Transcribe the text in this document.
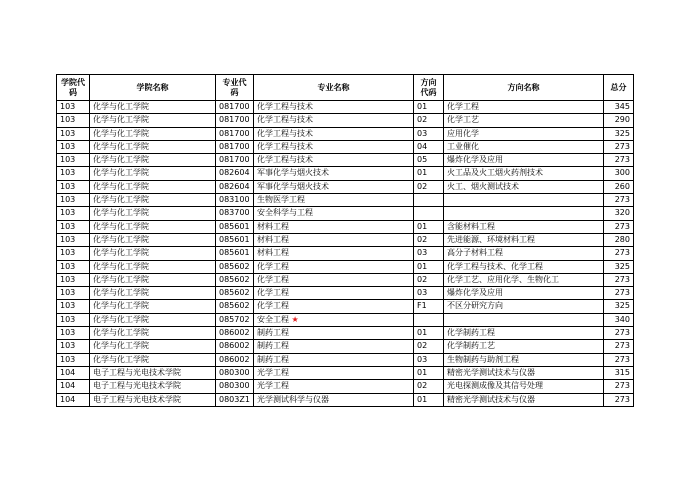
学院代码	学院名称	专业代码	专业名称	方向代码	方向名称	总分
103	化学与化工学院	081700	化学工程与技术	01	化学工程	345
103	化学与化工学院	081700	化学工程与技术	02	化学工艺	290
103	化学与化工学院	081700	化学工程与技术	03	应用化学	325
103	化学与化工学院	081700	化学工程与技术	04	工业催化	273
103	化学与化工学院	081700	化学工程与技术	05	爆炸化学及应用	273
103	化学与化工学院	082604	军事化学与烟火技术	01	火工品及火工烟火药剂技术	300
103	化学与化工学院	082604	军事化学与烟火技术	02	火工、烟火测试技术	260
103	化学与化工学院	083100	生物医学工程			273
103	化学与化工学院	083700	安全科学与工程			320
103	化学与化工学院	085601	材料工程	01	含能材料工程	273
103	化学与化工学院	085601	材料工程	02	先进能源、环境材料工程	280
103	化学与化工学院	085601	材料工程	03	高分子材料工程	273
103	化学与化工学院	085602	化学工程	01	化学工程与技术、化学工程	325
103	化学与化工学院	085602	化学工程	02	化学工艺、应用化学、生物化工	273
103	化学与化工学院	085602	化学工程	03	爆炸化学及应用	273
103	化学与化工学院	085602	化学工程	F1	不区分研究方向	325
103	化学与化工学院	085702	安全工程 ★			340
103	化学与化工学院	086002	制药工程	01	化学制药工程	273
103	化学与化工学院	086002	制药工程	02	化学制药工艺	273
103	化学与化工学院	086002	制药工程	03	生物制药与助剂工程	273
104	电子工程与光电技术学院	080300	光学工程	01	精密光学测试技术与仪器	315
104	电子工程与光电技术学院	080300	光学工程	02	光电探测成像及其信号处理	273
104	电子工程与光电技术学院	0803Z1	光学测试科学与仪器	01	精密光学测试技术与仪器	273
